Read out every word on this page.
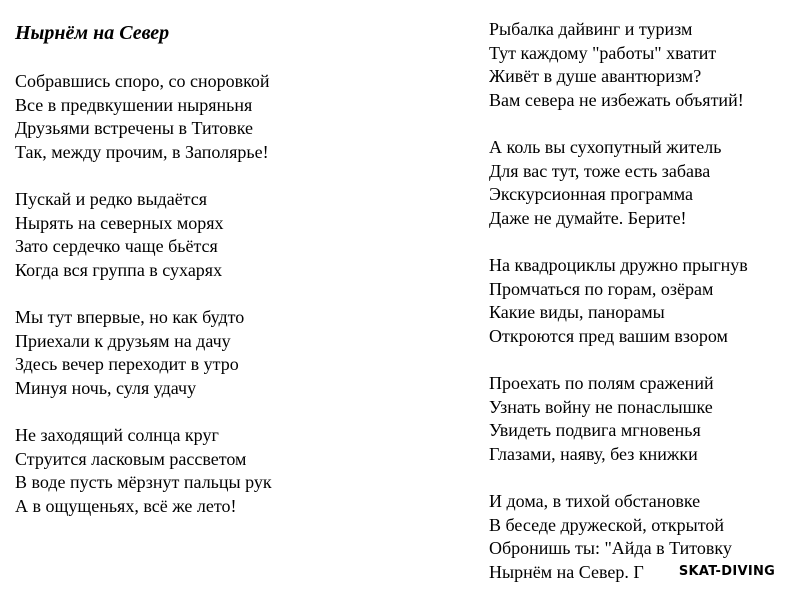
Нырнём на Север
Собравшись споро, со сноровкой
Все в предвкушении ныряньня
Друзьями встречены в Титовке
Так, между прочим, в Заполярье!
Пускай и редко выдаётся
Нырять на северных морях
Зато сердечко чаще бьётся
Когда вся группа в сухарях
Мы тут впервые, но как будто
Приехали к друзьям на дачу
Здесь вечер переходит в утро
Минуя ночь, суля удачу
Не заходящий солнца круг
Струится ласковым рассветом
В воде пусть мёрзнут пальцы рук
А в ощущеньях, всё же лето!
Рыбалка дайвинг и туризм
Тут каждому "работы" хватит
Живёт в душе авантюризм?
Вам севера не избежать объятий!
А коль вы сухопутный житель
Для вас тут, тоже есть забава
Экскурсионная программа
Даже не думайте. Берите!
На квадроциклы дружно прыгнув
Промчаться по горам, озёрам
Какие виды, панорамы
Откроются пред вашим взором
Проехать по полям сражений
Узнать войну не понаслышке
Увидеть подвига мгновенья
Глазами, наяву, без книжки
И дома, в тихой обстановке
В беседе дружеской, открытой
Обронишь ты: "Айда в Титовку
Нырнём на Север. Г	SKAT-DIVING
